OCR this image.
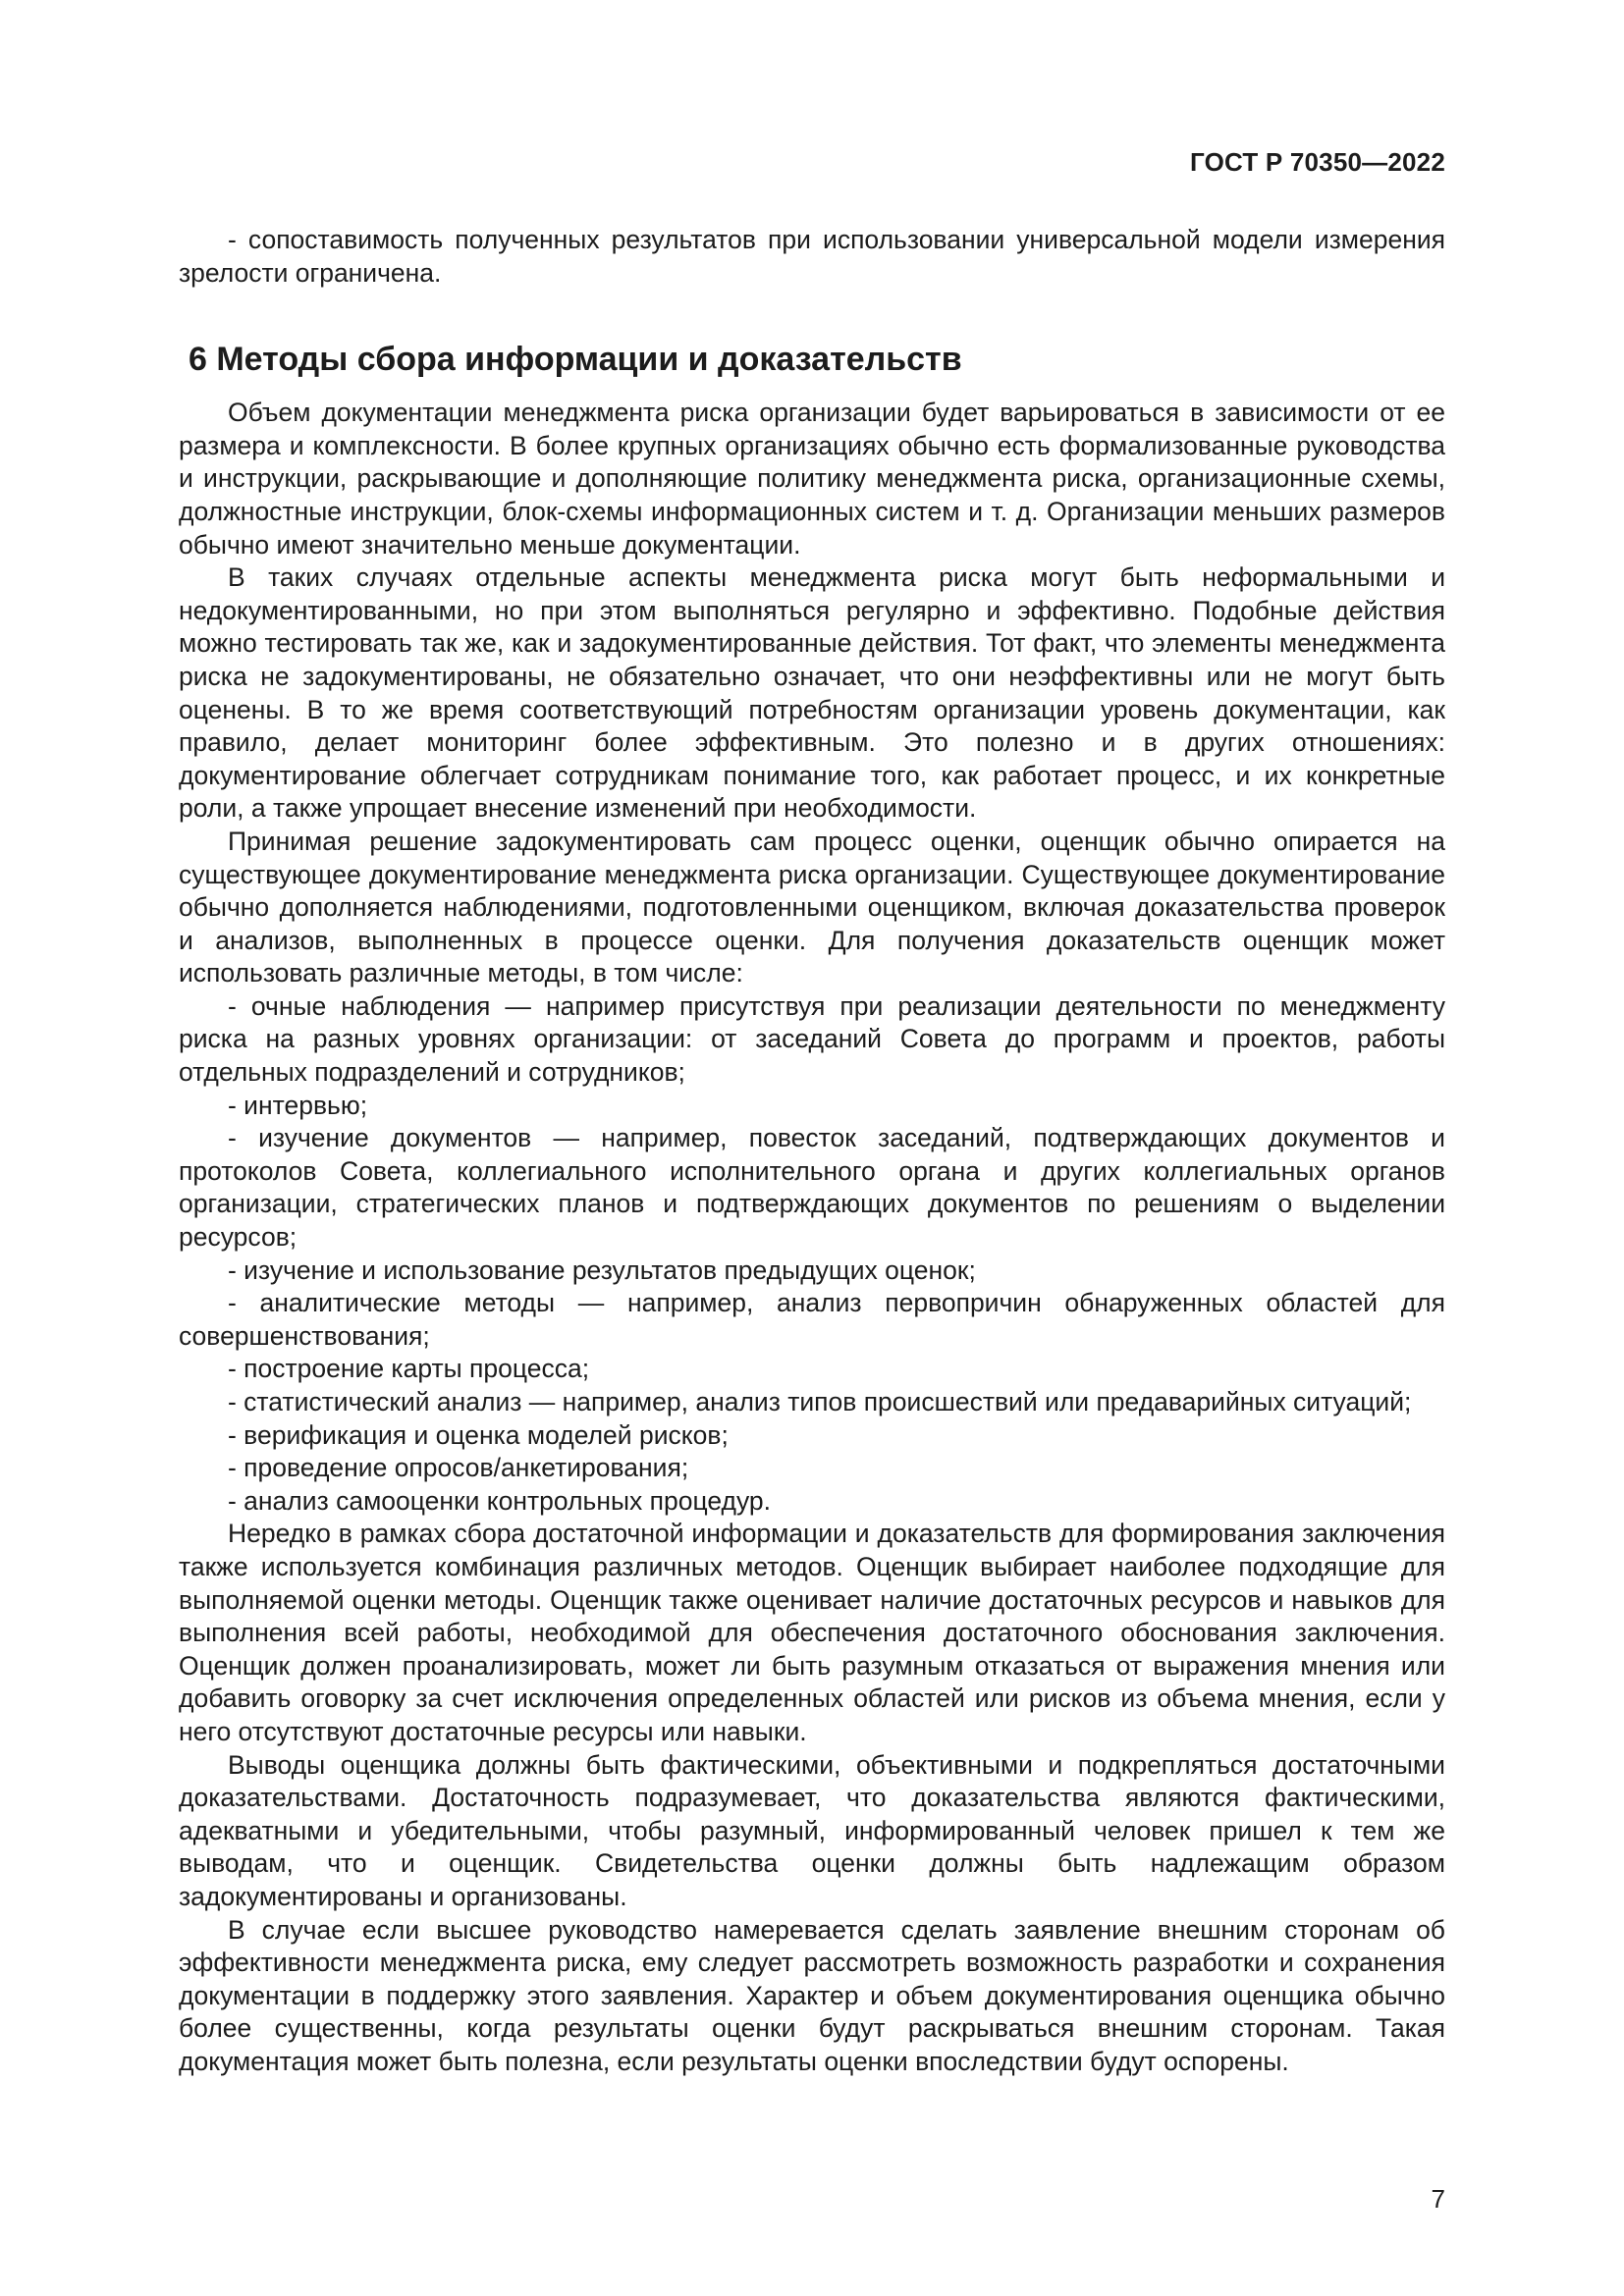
ГОСТ Р 70350—2022

- сопоставимость полученных результатов при использовании универсальной модели измерения зрелости ограничена.

6 Методы сбора информации и доказательств

Объем документации менеджмента риска организации будет варьироваться в зависимости от ее размера и комплексности. В более крупных организациях обычно есть формализованные руководства и инструкции, раскрывающие и дополняющие политику менеджмента риска, организационные схемы, должностные инструкции, блок-схемы информационных систем и т. д. Организации меньших размеров обычно имеют значительно меньше документации.

В таких случаях отдельные аспекты менеджмента риска могут быть неформальными и недокументированными, но при этом выполняться регулярно и эффективно. Подобные действия можно тестировать так же, как и задокументированные действия. Тот факт, что элементы менеджмента риска не задокументированы, не обязательно означает, что они неэффективны или не могут быть оценены. В то же время соответствующий потребностям организации уровень документации, как правило, делает мониторинг более эффективным. Это полезно и в других отношениях: документирование облегчает сотрудникам понимание того, как работает процесс, и их конкретные роли, а также упрощает внесение изменений при необходимости.

Принимая решение задокументировать сам процесс оценки, оценщик обычно опирается на существующее документирование менеджмента риска организации. Существующее документирование обычно дополняется наблюдениями, подготовленными оценщиком, включая доказательства проверок и анализов, выполненных в процессе оценки. Для получения доказательств оценщик может использовать различные методы, в том числе:

- очные наблюдения — например присутствуя при реализации деятельности по менеджменту риска на разных уровнях организации: от заседаний Совета до программ и проектов, работы отдельных подразделений и сотрудников;

- интервью;

- изучение документов — например, повесток заседаний, подтверждающих документов и протоколов Совета, коллегиального исполнительного органа и других коллегиальных органов организации, стратегических планов и подтверждающих документов по решениям о выделении ресурсов;

- изучение и использование результатов предыдущих оценок;

- аналитические методы — например, анализ первопричин обнаруженных областей для совершенствования;

- построение карты процесса;

- статистический анализ — например, анализ типов происшествий или предаварийных ситуаций;

- верификация и оценка моделей рисков;

- проведение опросов/анкетирования;

- анализ самооценки контрольных процедур.

Нередко в рамках сбора достаточной информации и доказательств для формирования заключения также используется комбинация различных методов. Оценщик выбирает наиболее подходящие для выполняемой оценки методы. Оценщик также оценивает наличие достаточных ресурсов и навыков для выполнения всей работы, необходимой для обеспечения достаточного обоснования заключения. Оценщик должен проанализировать, может ли быть разумным отказаться от выражения мнения или добавить оговорку за счет исключения определенных областей или рисков из объема мнения, если у него отсутствуют достаточные ресурсы или навыки.

Выводы оценщика должны быть фактическими, объективными и подкрепляться достаточными доказательствами. Достаточность подразумевает, что доказательства являются фактическими, адекватными и убедительными, чтобы разумный, информированный человек пришел к тем же выводам, что и оценщик. Свидетельства оценки должны быть надлежащим образом задокументированы и организованы.

В случае если высшее руководство намеревается сделать заявление внешним сторонам об эффективности менеджмента риска, ему следует рассмотреть возможность разработки и сохранения документации в поддержку этого заявления. Характер и объем документирования оценщика обычно более существенны, когда результаты оценки будут раскрываться внешним сторонам. Такая документация может быть полезна, если результаты оценки впоследствии будут оспорены.

7
